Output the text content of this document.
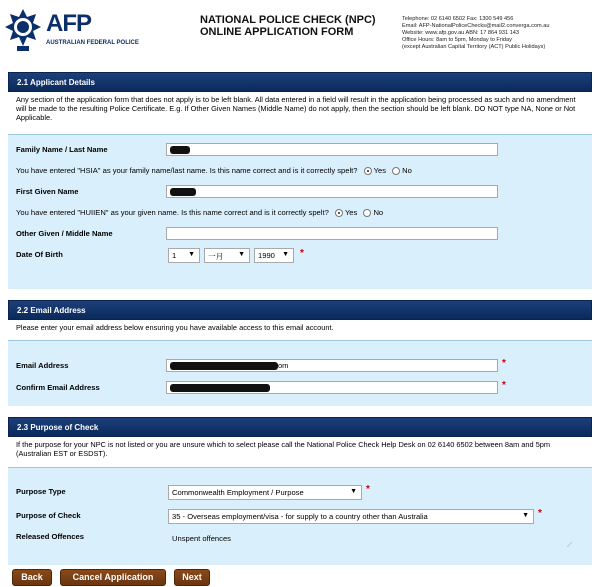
AFP
AUSTRALIAN FEDERAL POLICE
NATIONAL POLICE CHECK (NPC)
ONLINE APPLICATION FORM
Telephone: 02 6140 6502 Fax: 1300 549 456
Email: AFP-NationalPoliceChecks@mail2.converga.com.au
Website: www.afp.gov.au ABN: 17 864 931 143
Office Hours: 8am to 5pm, Monday to Friday
(except Australian Capital Territory (ACT) Public Holidays)
2.1 Applicant Details
Any section of the application form that does not apply is to be left blank. All data entered in a field will result in the application being processed as such and no amendment will be made to the resulting Police Certificate. E.g. If Other Given Names (Middle Name) do not apply, then the section should be left blank. DO NOT type NA, None or Not Applicable.
Family Name / Last Name
You have entered "HSIA" as your family name/last name. Is this name correct and is it correctly spelt? Yes No
First Given Name
You have entered "HUIIEN" as your given name. Is this name correct and is it correctly spelt? Yes No
Other Given / Middle Name
Date Of Birth	1 ▼	一月 ▼	1990 ▼ *
2.2 Email Address
Please enter your email address below ensuring you have available access to this email account.
Email Address	om	*
Confirm Email Address	*
2.3 Purpose of Check
If the purpose for your NPC is not listed or you are unsure which to select please call the National Police Check Help Desk on 02 6140 6502 between 8am and 5pm (Australian EST or ESDST).
Purpose Type	Commonwealth Employment / Purpose	▼ *
Purpose of Check	35 - Overseas employment/visa - for supply to a country other than Australia	▼ *
Released Offences	Unspent offences
⟋
Back	Cancel Application	Next
